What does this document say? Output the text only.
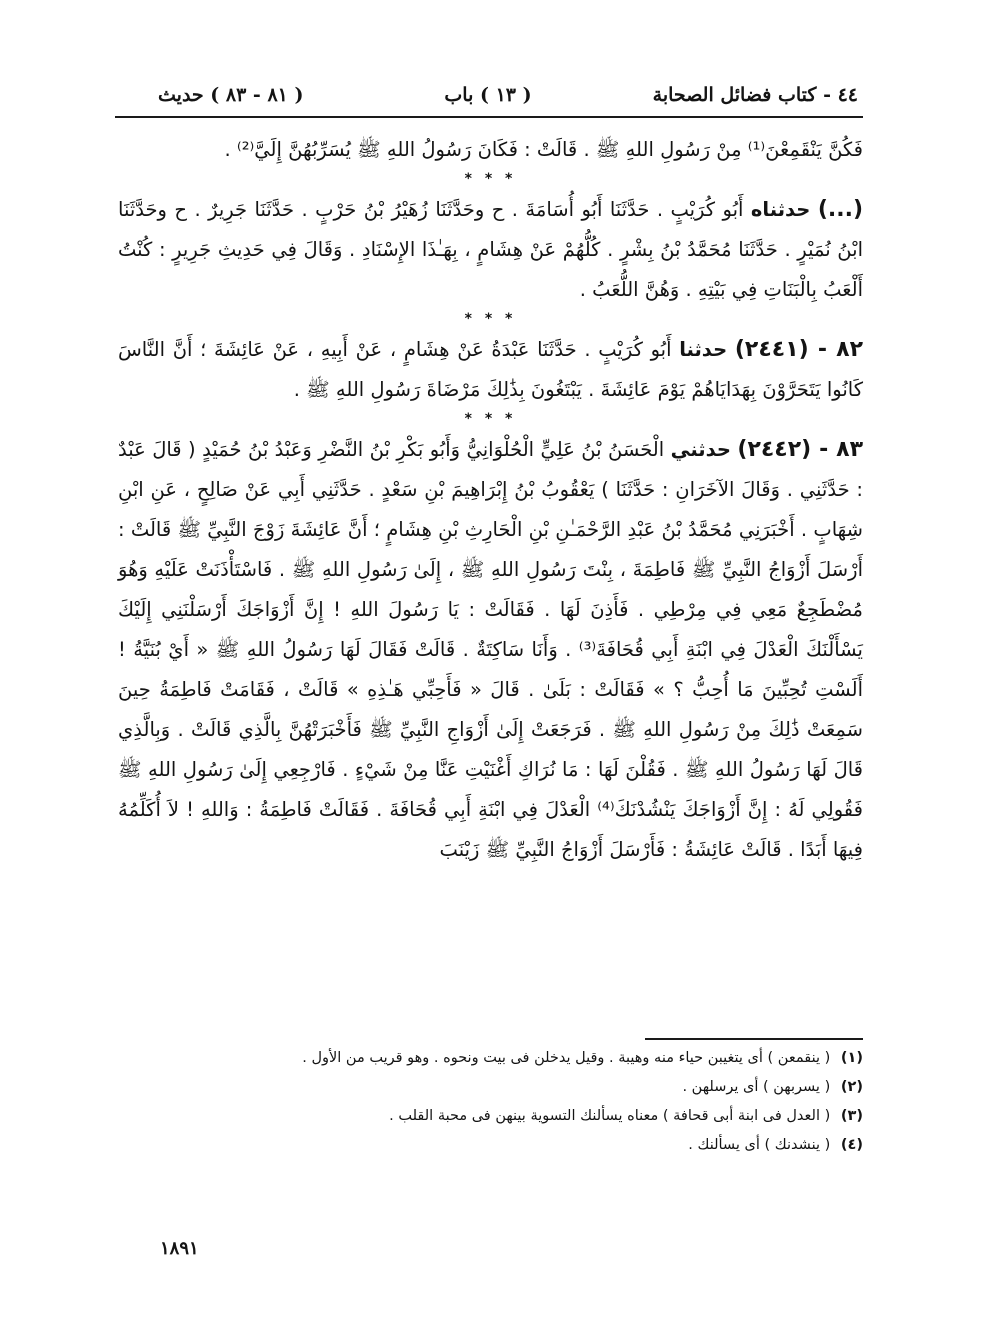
٤٤ - كتاب فضائل الصحابة
( ١٣ ) باب
( ٨١ - ٨٣ ) حديث

فَكُنَّ يَنْقَمِعْنَ⁽¹⁾ مِنْ رَسُولِ اللهِ ﷺ . قَالَتْ : فَكَانَ رَسُولُ اللهِ ﷺ يُسَرِّبُهُنَّ إِلَيَّ⁽²⁾ .

* * *

(...) حدثناه أَبُو كُرَيْبٍ . حَدَّثَنَا أَبُو أُسَامَةَ . ح وحَدَّثَنَا زُهَيْرُ بْنُ حَرْبٍ . حَدَّثَنَا جَرِيرٌ . ح وحَدَّثَنَا ابْنُ نُمَيْرٍ . حَدَّثَنَا مُحَمَّدُ بْنُ بِشْرٍ . كُلُّهُمْ عَنْ هِشَامٍ ، بِهَـٰذَا الإِسْنَادِ . وَقَالَ فِي حَدِيثِ جَرِيرٍ : كُنْتُ أَلْعَبُ بِالْبَنَاتِ فِي بَيْتِهِ . وَهُنَّ اللُّعَبُ .

* * *

٨٢ - (٢٤٤١) حدثنا أَبُو كُرَيْبٍ . حَدَّثَنَا عَبْدَةُ عَنْ هِشَامٍ ، عَنْ أَبِيهِ ، عَنْ عَائِشَةَ ؛ أَنَّ النَّاسَ كَانُوا يَتَحَرَّوْنَ بِهَدَايَاهُمْ يَوْمَ عَائِشَةَ . يَبْتَغُونَ بِذَٰلِكَ مَرْضَاةَ رَسُولِ اللهِ ﷺ .

* * *

٨٣ - (٢٤٤٢) حدثني الْحَسَنُ بْنُ عَلِيٍّ الْحُلْوَانِيُّ وَأَبُو بَكْرِ بْنُ النَّضْرِ وَعَبْدُ بْنُ حُمَيْدٍ ( قَالَ عَبْدٌ : حَدَّثَنِي . وَقَالَ الآخَرَانِ : حَدَّثَنَا ) يَعْقُوبُ بْنُ إِبْرَاهِيمَ بْنِ سَعْدٍ . حَدَّثَنِي أَبِي عَنْ صَالِحٍ ، عَنِ ابْنِ شِهَابٍ . أَخْبَرَنِي مُحَمَّدُ بْنُ عَبْدِ الرَّحْمَـٰنِ بْنِ الْحَارِثِ بْنِ هِشَامٍ ؛ أَنَّ عَائِشَةَ زَوْجَ النَّبِيِّ ﷺ قَالَتْ : أَرْسَلَ أَزْوَاجُ النَّبِيِّ ﷺ فَاطِمَةَ ، بِنْتَ رَسُولِ اللهِ ﷺ ، إِلَىٰ رَسُولِ اللهِ ﷺ . فَاسْتَأْذَنَتْ عَلَيْهِ وَهُوَ مُضْطَجِعٌ مَعِي فِي مِرْطِي . فَأَذِنَ لَهَا . فَقَالَتْ : يَا رَسُولَ اللهِ ! إِنَّ أَزْوَاجَكَ أَرْسَلْنَنِي إِلَيْكَ يَسْأَلْنَكَ الْعَدْلَ فِي ابْنَةِ أَبِي قُحَافَةَ⁽³⁾ . وَأَنَا سَاكِتَةٌ . قَالَتْ فَقَالَ لَهَا رَسُولُ اللهِ ﷺ « أَيْ بُنَيَّةُ ! أَلَسْتِ تُحِبِّينَ مَا أُحِبُّ ؟ » فَقَالَتْ : بَلَىٰ . قَالَ « فَأَحِبِّي هَـٰذِهِ » قَالَتْ ، فَقَامَتْ فَاطِمَةُ حِينَ سَمِعَتْ ذَٰلِكَ مِنْ رَسُولِ اللهِ ﷺ . فَرَجَعَتْ إِلَىٰ أَزْوَاجِ النَّبِيِّ ﷺ فَأَخْبَرَتْهُنَّ بِالَّذِي قَالَتْ . وَبِالَّذِي قَالَ لَهَا رَسُولُ اللهِ ﷺ . فَقُلْنَ لَهَا : مَا نُرَاكِ أَغْنَيْتِ عَنَّا مِنْ شَيْءٍ . فَارْجِعِي إِلَىٰ رَسُولِ اللهِ ﷺ فَقُولِي لَهُ : إِنَّ أَزْوَاجَكَ يَنْشُدْنَكَ⁽⁴⁾ الْعَدْلَ فِي ابْنَةِ أَبِي قُحَافَةَ . فَقَالَتْ فَاطِمَةُ : وَاللهِ ! لاَ أُكَلِّمُهُ فِيهَا أَبَدًا . قَالَتْ عَائِشَةُ : فَأَرْسَلَ أَزْوَاجُ النَّبِيِّ ﷺ زَيْنَبَ

(١) ( ينقمعن ) أى يتغيبن حياء منه وهيبة . وقيل يدخلن فى بيت ونحوه . وهو قريب من الأول .
(٢) ( يسربهن ) أى يرسلهن .
(٣) ( العدل فى ابنة أبى قحافة ) معناه يسألنك التسوية بينهن فى محبة القلب .
(٤) ( ينشدنك ) أى يسألنك .
١٨٩١
